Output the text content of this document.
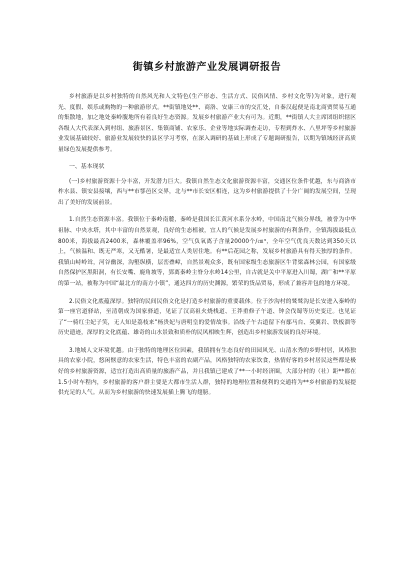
街镇乡村旅游产业发展调研报告

乡村旅游是以乡村独特的自然风光和人文特色(生产形态、生活方式、民俗风情、乡村文化等)为对象，进行观光、度假、娱乐或购物的一种旅游形式。**街镇地处**、商洛、安康三市的交汇处，自秦汉起便是南北商贾贸易互通的集散地，加之地处秦岭腹地所有着良好生态资源。发展乡村旅游产业大有可为。近期，**街镇人大主席团组织辖区各级人大代表深入到村组、旅游景区、集镇商铺、农家乐、企业等地实际调查走访，专程到炸水、八里坪等乡村旅游业发展基础较好、旅游业发展较快的县区学习考察，在深入调研的基础上形成了专题调研报告，以期为镇域经济高质量绿色发展提供参考。

一、基本现状

(一)乡村旅游资源十分丰富，开发潜力巨大。我镇自然生态文化旅游资源丰富，交通区位条件优越，东与商洛市柞水县、镇安县接壤，西与**市鄠邑区交界，北与**市长安区相连，这为乡村旅游提供了十分广阔的发展空间，呈现出了美好的发展前景。

1.自然生态资源丰富。我镇位于秦岭南麓，秦岭是我国长江黄河水系分水岭，中国南北气候分界线，被誉为中华祖脉、中央水塔，其中丰富的自然景观，良好的生态植被，宜人的气候是发展乡村旅游的有利条件，全镇海拔最低点800米，海拔最高2400米，森林覆盖率96%，空气负氧离子含量20000个/㎝³，全年空气优良天数达到350天以上，气候温和、既无严寒，又无酷暑，是最适宜人类居住地。有**后花园之称，发展乡村旅游具有得天独厚的条件。我镇山峙岭耸，河谷幽深，沟壑纵横，层峦叠嶂，自然景观众多，既有国家级生态旅游区牛背梁森林公园，有国家级自然保护区黑阳洞，有长安嘴、鹿角坡等，郢离秦岭主脊分水岭14公里，自古就是关中平原进入川蜀，湖广和**平原的第一站，被称为中国“最北方的南方小镇”，通达四方的历史渊源，繁荣的货品贸易，形成了兼容并包的地方环境。

2.民俗文化底蕴深厚。独特的民间民俗文化是打造乡村旅游的重要载体。位于沙沟村的鹫鹫沟是长安进入秦岭的第一座官道驿站，至清朝成为国家驿道，见证了汉高祖火烧栈道、王莽重修子午道、钟会伐蜀等历史变迁。也见证了“一骑红尘妃子笑，无人知是荔枝来”杨贵妃与唐明皇的爱情故事。沿线子午古道留下有鄢马台、莫翼岩、铁板溜等历史遗迹，深厚的文化底蕴、雄奇的山水景致和质朴的民风相映生辉，创造出乡村旅游发展的良好环境。

3.地域人文环境优越。由于独特的地理区位因素，我镇拥有生态良好的田园风光、山清水秀的乡野村居，风格独具的农家小院，悠闲惬意的农家生活，特色丰富的农副产品，风格独特的农家饮食，热情好客的乡村居民这些都是极好的乡村旅游资源，适宜打造出高质量的旅游产品，并且我镇已建成了**一小时经济圈，大部分村的（社）距**都在1.5小时车程内，乡村旅游的客户群主要是大都市生活人群，独特的地理位置和便利的交通将为**乡村旅游的发展提供充足的人气。从而为乡村旅游的快速发展插上腾飞的翅膀。
